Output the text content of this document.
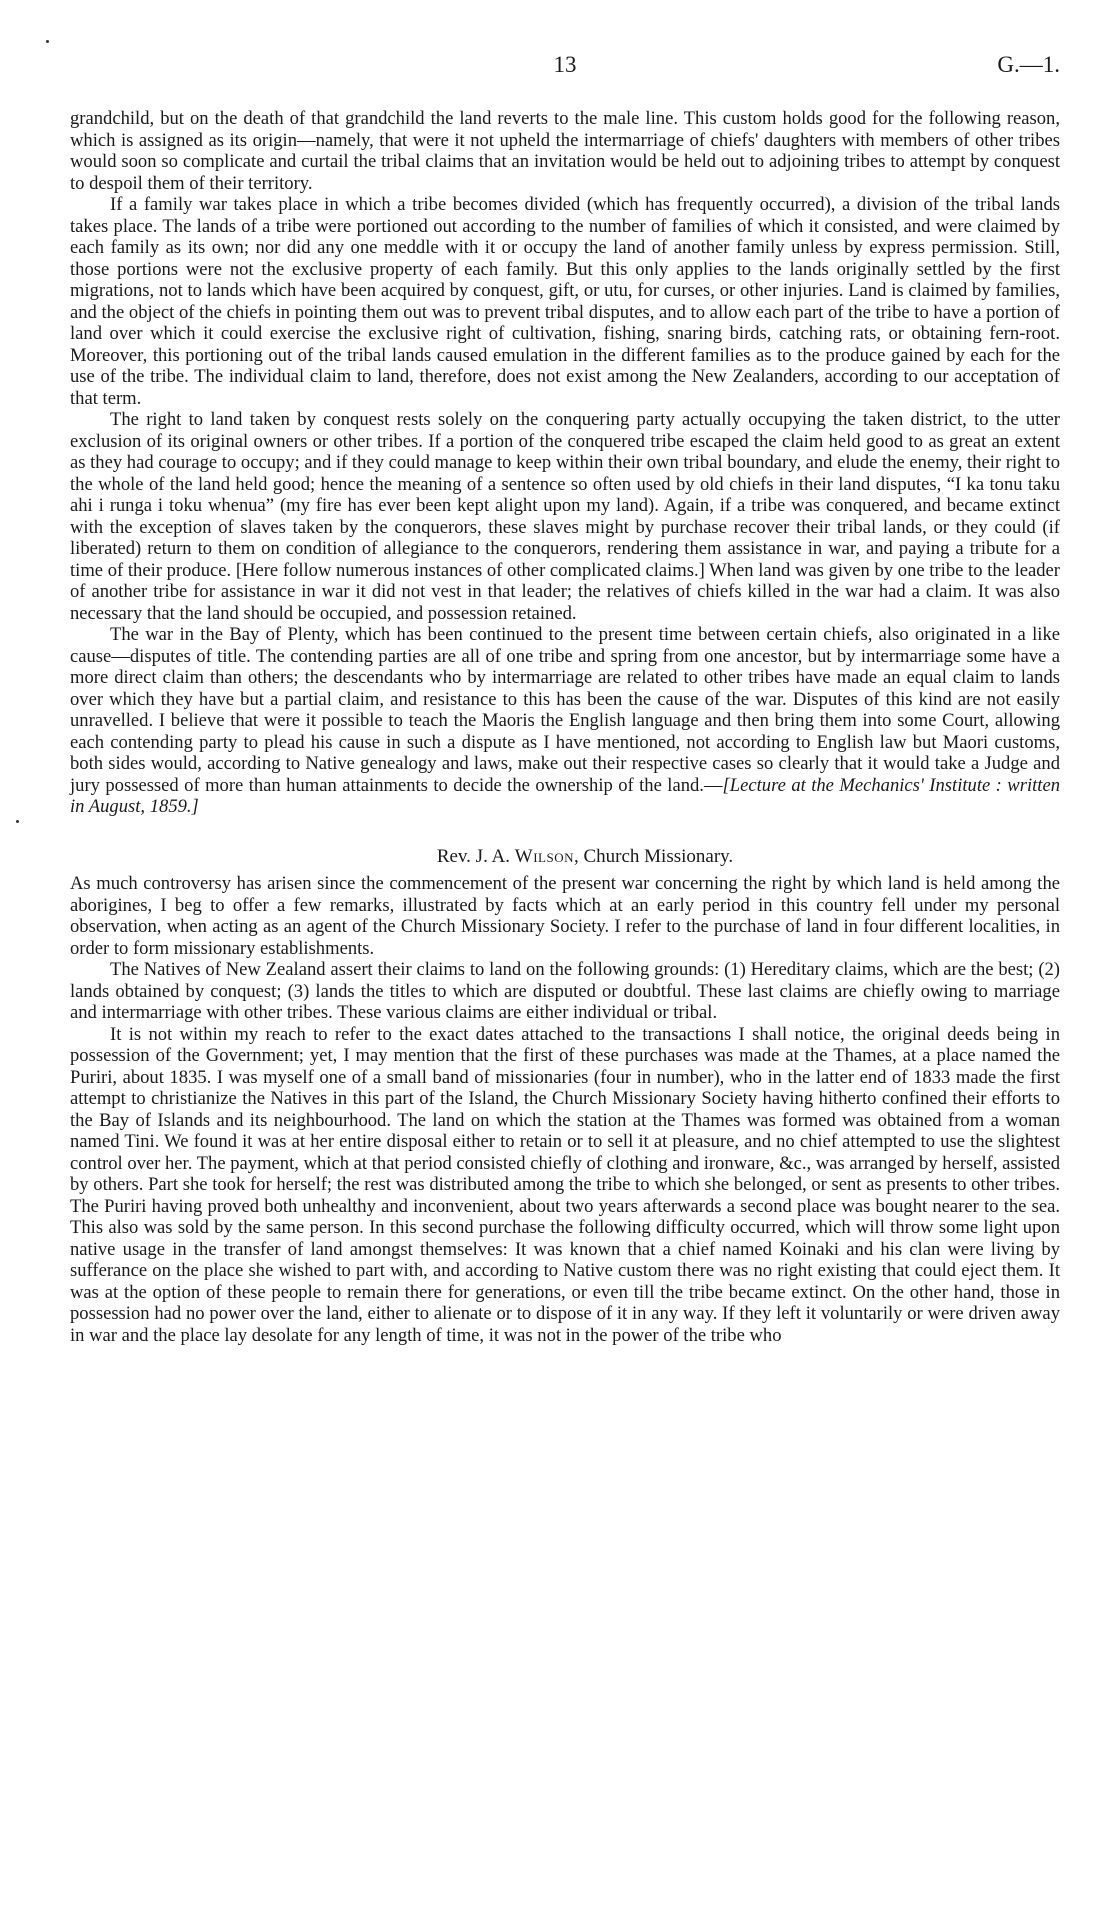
13	G.—1.

grandchild, but on the death of that grandchild the land reverts to the male line. This custom holds good for the following reason, which is assigned as its origin—namely, that were it not upheld the intermarriage of chiefs' daughters with members of other tribes would soon so complicate and curtail the tribal claims that an invitation would be held out to adjoining tribes to attempt by conquest to despoil them of their territory.

If a family war takes place in which a tribe becomes divided (which has frequently occurred), a division of the tribal lands takes place. The lands of a tribe were portioned out according to the number of families of which it consisted, and were claimed by each family as its own; nor did any one meddle with it or occupy the land of another family unless by express permission. Still, those portions were not the exclusive property of each family. But this only applies to the lands originally settled by the first migrations, not to lands which have been acquired by conquest, gift, or utu, for curses, or other injuries. Land is claimed by families, and the object of the chiefs in pointing them out was to prevent tribal disputes, and to allow each part of the tribe to have a portion of land over which it could exercise the exclusive right of cultivation, fishing, snaring birds, catching rats, or obtaining fern-root. Moreover, this portioning out of the tribal lands caused emulation in the different families as to the produce gained by each for the use of the tribe. The individual claim to land, therefore, does not exist among the New Zealanders, according to our acceptation of that term.

The right to land taken by conquest rests solely on the conquering party actually occupying the taken district, to the utter exclusion of its original owners or other tribes. If a portion of the conquered tribe escaped the claim held good to as great an extent as they had courage to occupy; and if they could manage to keep within their own tribal boundary, and elude the enemy, their right to the whole of the land held good; hence the meaning of a sentence so often used by old chiefs in their land disputes, “I ka tonu taku ahi i runga i toku whenua” (my fire has ever been kept alight upon my land). Again, if a tribe was conquered, and became extinct with the exception of slaves taken by the conquerors, these slaves might by purchase recover their tribal lands, or they could (if liberated) return to them on condition of allegiance to the conquerors, rendering them assistance in war, and paying a tribute for a time of their produce. [Here follow numerous instances of other complicated claims.] When land was given by one tribe to the leader of another tribe for assistance in war it did not vest in that leader; the relatives of chiefs killed in the war had a claim. It was also necessary that the land should be occupied, and possession retained.

The war in the Bay of Plenty, which has been continued to the present time between certain chiefs, also originated in a like cause—disputes of title. The contending parties are all of one tribe and spring from one ancestor, but by intermarriage some have a more direct claim than others; the descendants who by intermarriage are related to other tribes have made an equal claim to lands over which they have but a partial claim, and resistance to this has been the cause of the war. Disputes of this kind are not easily unravelled. I believe that were it possible to teach the Maoris the English language and then bring them into some Court, allowing each contending party to plead his cause in such a dispute as I have mentioned, not according to English law but Maori customs, both sides would, according to Native genealogy and laws, make out their respective cases so clearly that it would take a Judge and jury possessed of more than human attainments to decide the ownership of the land.—[Lecture at the Mechanics' Institute : written in August, 1859.]

Rev. J. A. Wilson, Church Missionary.

As much controversy has arisen since the commencement of the present war concerning the right by which land is held among the aborigines, I beg to offer a few remarks, illustrated by facts which at an early period in this country fell under my personal observation, when acting as an agent of the Church Missionary Society. I refer to the purchase of land in four different localities, in order to form missionary establishments.

The Natives of New Zealand assert their claims to land on the following grounds: (1) Hereditary claims, which are the best; (2) lands obtained by conquest; (3) lands the titles to which are disputed or doubtful. These last claims are chiefly owing to marriage and intermarriage with other tribes. These various claims are either individual or tribal.

It is not within my reach to refer to the exact dates attached to the transactions I shall notice, the original deeds being in possession of the Government; yet, I may mention that the first of these purchases was made at the Thames, at a place named the Puriri, about 1835. I was myself one of a small band of missionaries (four in number), who in the latter end of 1833 made the first attempt to christianize the Natives in this part of the Island, the Church Missionary Society having hitherto confined their efforts to the Bay of Islands and its neighbourhood. The land on which the station at the Thames was formed was obtained from a woman named Tini. We found it was at her entire disposal either to retain or to sell it at pleasure, and no chief attempted to use the slightest control over her. The payment, which at that period consisted chiefly of clothing and ironware, &c., was arranged by herself, assisted by others. Part she took for herself; the rest was distributed among the tribe to which she belonged, or sent as presents to other tribes. The Puriri having proved both unhealthy and inconvenient, about two years afterwards a second place was bought nearer to the sea. This also was sold by the same person. In this second purchase the following difficulty occurred, which will throw some light upon native usage in the transfer of land amongst themselves: It was known that a chief named Koinaki and his clan were living by sufferance on the place she wished to part with, and according to Native custom there was no right existing that could eject them. It was at the option of these people to remain there for generations, or even till the tribe became extinct. On the other hand, those in possession had no power over the land, either to alienate or to dispose of it in any way. If they left it voluntarily or were driven away in war and the place lay desolate for any length of time, it was not in the power of the tribe who
